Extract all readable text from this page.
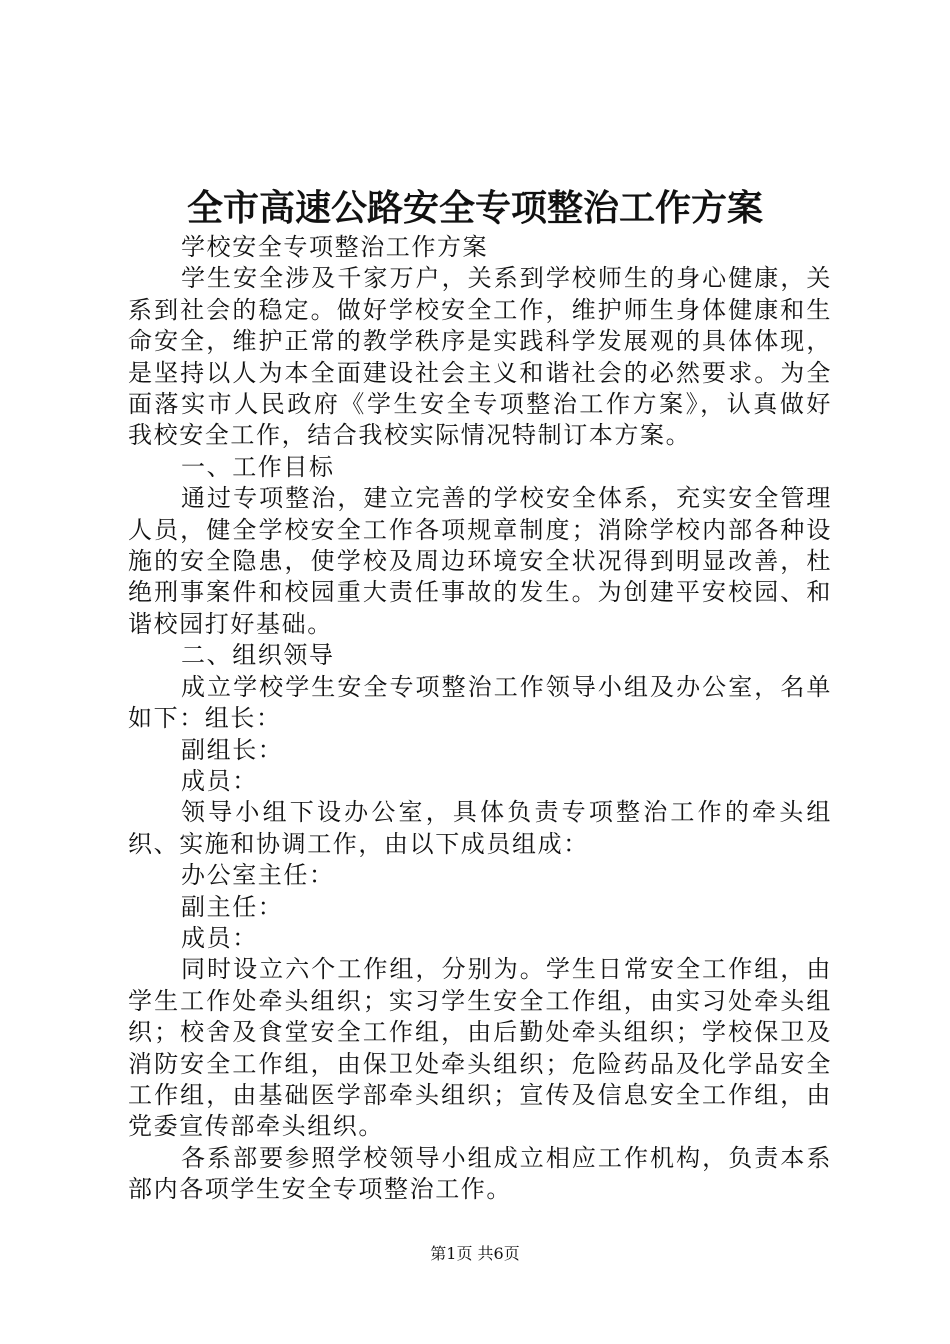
全市高速公路安全专项整治工作方案

学校安全专项整治工作方案

学生安全涉及千家万户，关系到学校师生的身心健康，关系到社会的稳定。做好学校安全工作，维护师生身体健康和生命安全，维护正常的教学秩序是实践科学发展观的具体体现，是坚持以人为本全面建设社会主义和谐社会的必然要求。为全面落实市人民政府《学生安全专项整治工作方案》，认真做好我校安全工作，结合我校实际情况特制订本方案。

一、工作目标

通过专项整治，建立完善的学校安全体系，充实安全管理人员，健全学校安全工作各项规章制度；消除学校内部各种设施的安全隐患，使学校及周边环境安全状况得到明显改善，杜绝刑事案件和校园重大责任事故的发生。为创建平安校园、和谐校园打好基础。

二、组织领导

成立学校学生安全专项整治工作领导小组及办公室，名单如下：组长：

副组长：

成员：

领导小组下设办公室，具体负责专项整治工作的牵头组织、实施和协调工作，由以下成员组成：

办公室主任：

副主任：

成员：

同时设立六个工作组，分别为。学生日常安全工作组，由学生工作处牵头组织；实习学生安全工作组，由实习处牵头组织；校舍及食堂安全工作组，由后勤处牵头组织；学校保卫及消防安全工作组，由保卫处牵头组织；危险药品及化学品安全工作组，由基础医学部牵头组织；宣传及信息安全工作组，由党委宣传部牵头组织。

各系部要参照学校领导小组成立相应工作机构，负责本系部内各项学生安全专项整治工作。

第1页 共6页
